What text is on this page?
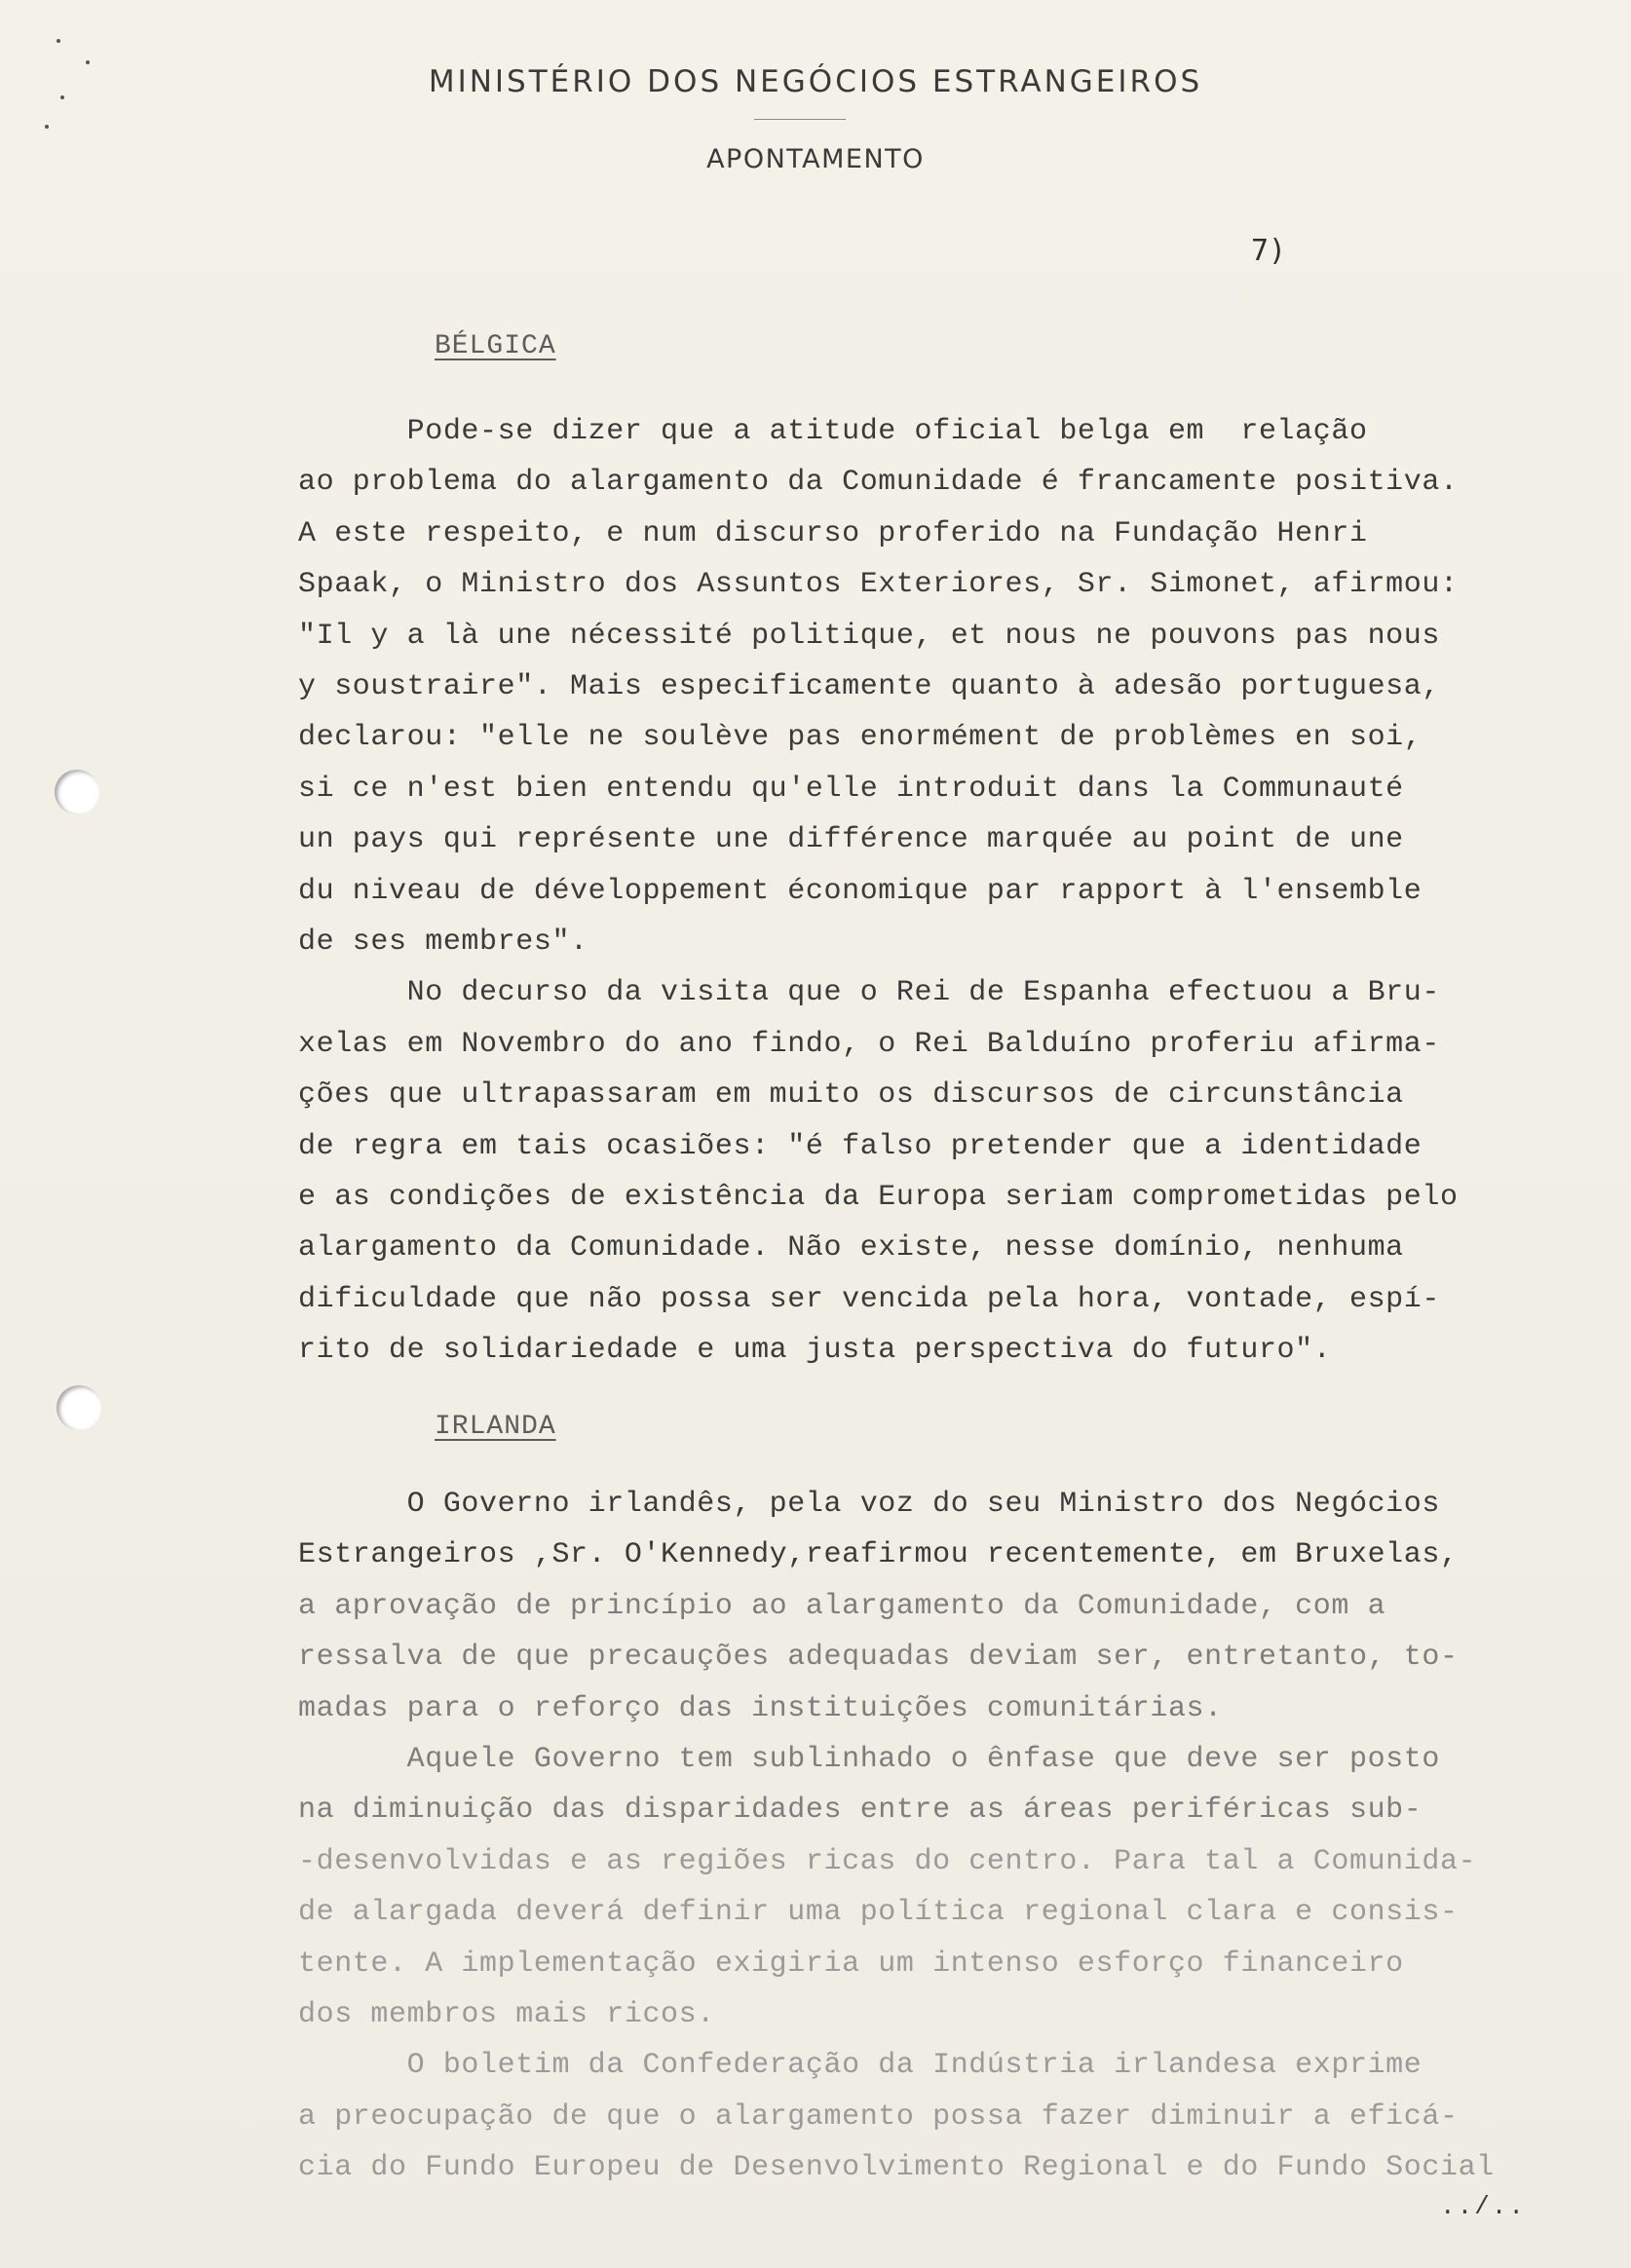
MINISTÉRIO DOS NEGÓCIOS ESTRANGEIROS
APONTAMENTO
7)
BÉLGICA
Pode-se dizer que a atitude oficial belga em  relação
ao problema do alargamento da Comunidade é francamente positiva.
A este respeito, e num discurso proferido na Fundação Henri
Spaak, o Ministro dos Assuntos Exteriores, Sr. Simonet, afirmou:
"Il y a là une nécessité politique, et nous ne pouvons pas nous
y soustraire". Mais especificamente quanto à adesão portuguesa,
declarou: "elle ne soulève pas enormément de problèmes en soi,
si ce n'est bien entendu qu'elle introduit dans la Communauté
un pays qui représente une différence marquée au point de une
du niveau de développement économique par rapport à l'ensemble
de ses membres".
No decurso da visita que o Rei de Espanha efectuou a Bru-
xelas em Novembro do ano findo, o Rei Balduíno proferiu afirma-
ções que ultrapassaram em muito os discursos de circunstância
de regra em tais ocasiões: "é falso pretender que a identidade
e as condições de existência da Europa seriam comprometidas pelo
alargamento da Comunidade. Não existe, nesse domínio, nenhuma
dificuldade que não possa ser vencida pela hora, vontade, espí-
rito de solidariedade e uma justa perspectiva do futuro".
IRLANDA
O Governo irlandês, pela voz do seu Ministro dos Negócios
Estrangeiros ,Sr. O'Kennedy,reafirmou recentemente, em Bruxelas,
a aprovação de princípio ao alargamento da Comunidade, com a
ressalva de que precauções adequadas deviam ser, entretanto, to-
madas para o reforço das instituições comunitárias.
Aquele Governo tem sublinhado o ênfase que deve ser posto
na diminuição das disparidades entre as áreas periféricas sub-
-desenvolvidas e as regiões ricas do centro. Para tal a Comunida-
de alargada deverá definir uma política regional clara e consis-
tente. A implementação exigiria um intenso esforço financeiro
dos membros mais ricos.
O boletim da Confederação da Indústria irlandesa exprime
a preocupação de que o alargamento possa fazer diminuir a eficá-
cia do Fundo Europeu de Desenvolvimento Regional e do Fundo Social
../..
